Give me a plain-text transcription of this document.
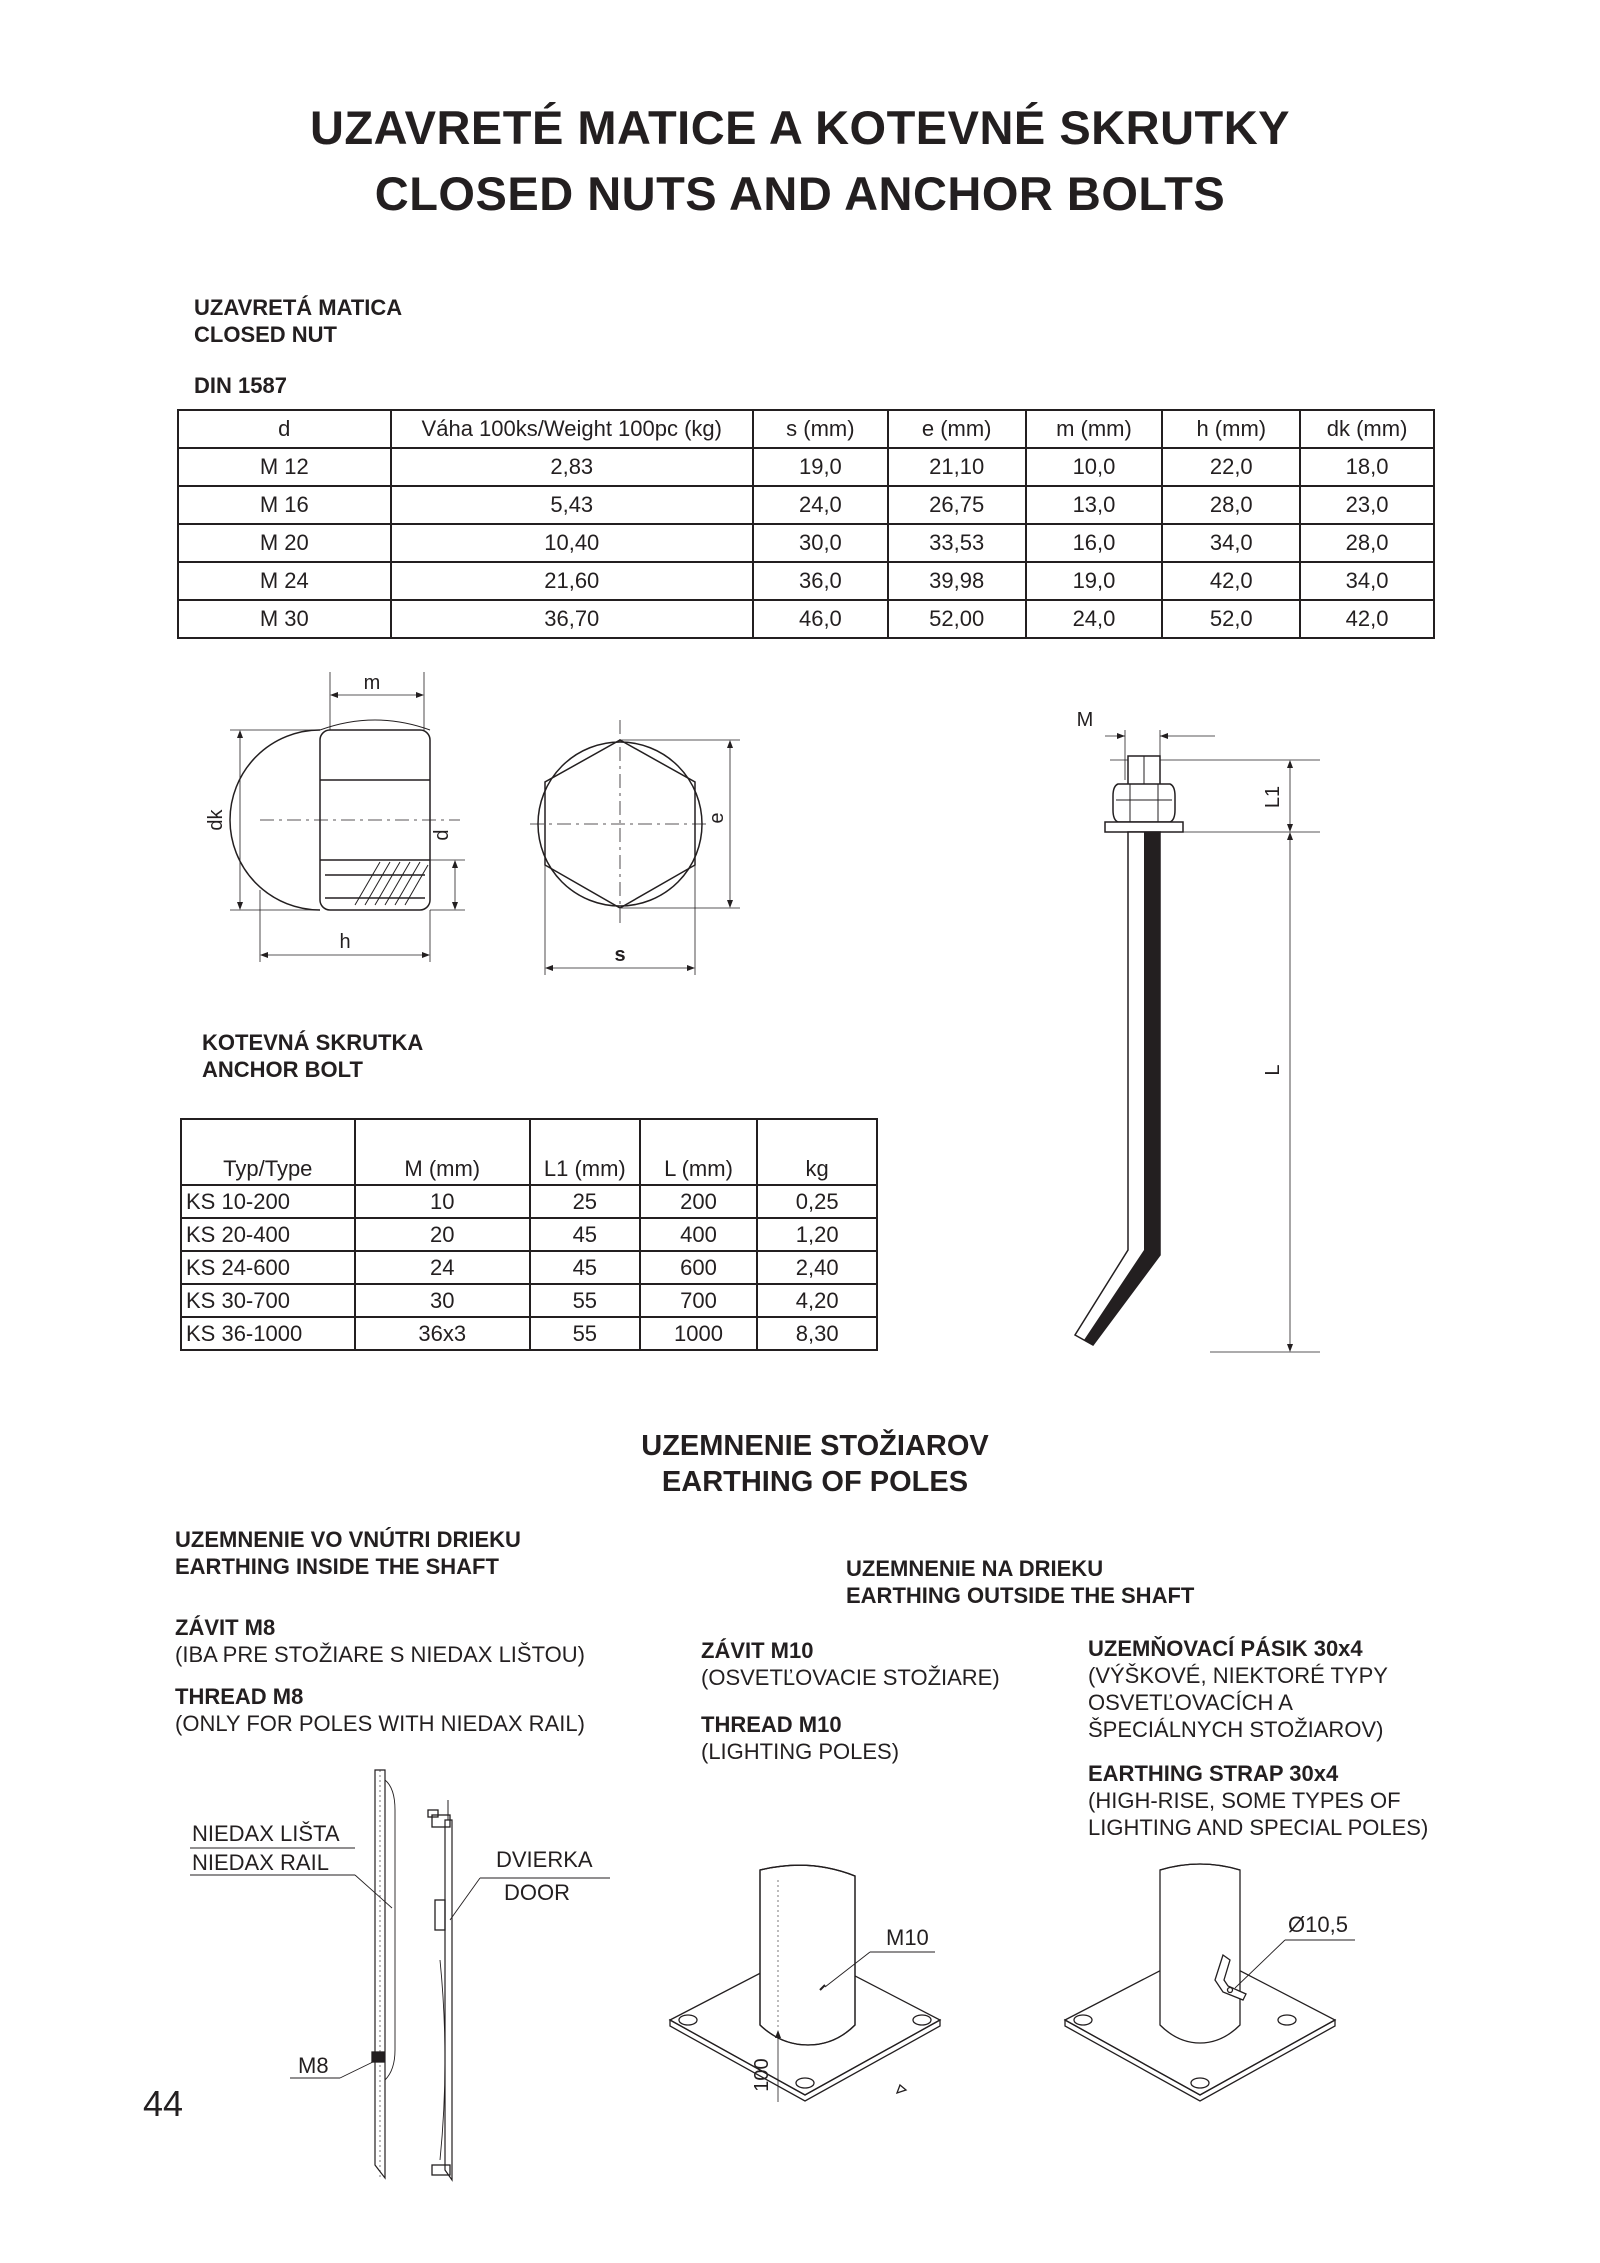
UZAVRETÉ MATICE A KOTEVNÉ SKRUTKY
CLOSED NUTS AND ANCHOR BOLTS
UZAVRETÁ MATICA
CLOSED NUT
DIN 1587
d	Váha 100ks/Weight 100pc (kg)	s (mm)	e (mm)	m (mm)	h (mm)	dk (mm)
M 12	2,83	19,0	21,10	10,0	22,0	18,0
M 16	5,43	24,0	26,75	13,0	28,0	23,0
M 20	10,40	30,0	33,53	16,0	34,0	28,0
M 24	21,60	36,0	39,98	19,0	42,0	34,0
M 30	36,70	46,0	52,00	24,0	52,0	42,0
m
dk
d
h
e
s
KOTEVNÁ SKRUTKA
ANCHOR BOLT
Typ/Type	M (mm)	L1 (mm)	L (mm)	kg
KS 10-200	10	25	200	0,25
KS 20-400	20	45	400	1,20
KS 24-600	24	45	600	2,40
KS 30-700	30	55	700	4,20
KS 36-1000	36x3	55	1000	8,30
M
L1
L
UZEMNENIE STOŽIAROV
EARTHING OF POLES
UZEMNENIE VO VNÚTRI DRIEKU
EARTHING INSIDE THE SHAFT
ZÁVIT M8
(IBA PRE STOŽIARE S NIEDAX LIŠTOU)
THREAD M8
(ONLY FOR POLES WITH NIEDAX RAIL)
NIEDAX LIŠTA
NIEDAX RAIL	DVIERKA
DOOR
M8
UZEMNENIE NA DRIEKU
EARTHING OUTSIDE THE SHAFT
ZÁVIT M10
(OSVETĽOVACIE STOŽIARE)
THREAD M10
(LIGHTING POLES)
UZEMŇOVACÍ PÁSIK 30x4
(VÝŠKOVÉ, NIEKTORÉ TYPY
OSVETĽOVACÍCH A
ŠPECIÁLNYCH STOŽIAROV)
EARTHING STRAP 30x4
(HIGH-RISE, SOME TYPES OF
LIGHTING AND SPECIAL POLES)
M10
100
Ø10,5
44
